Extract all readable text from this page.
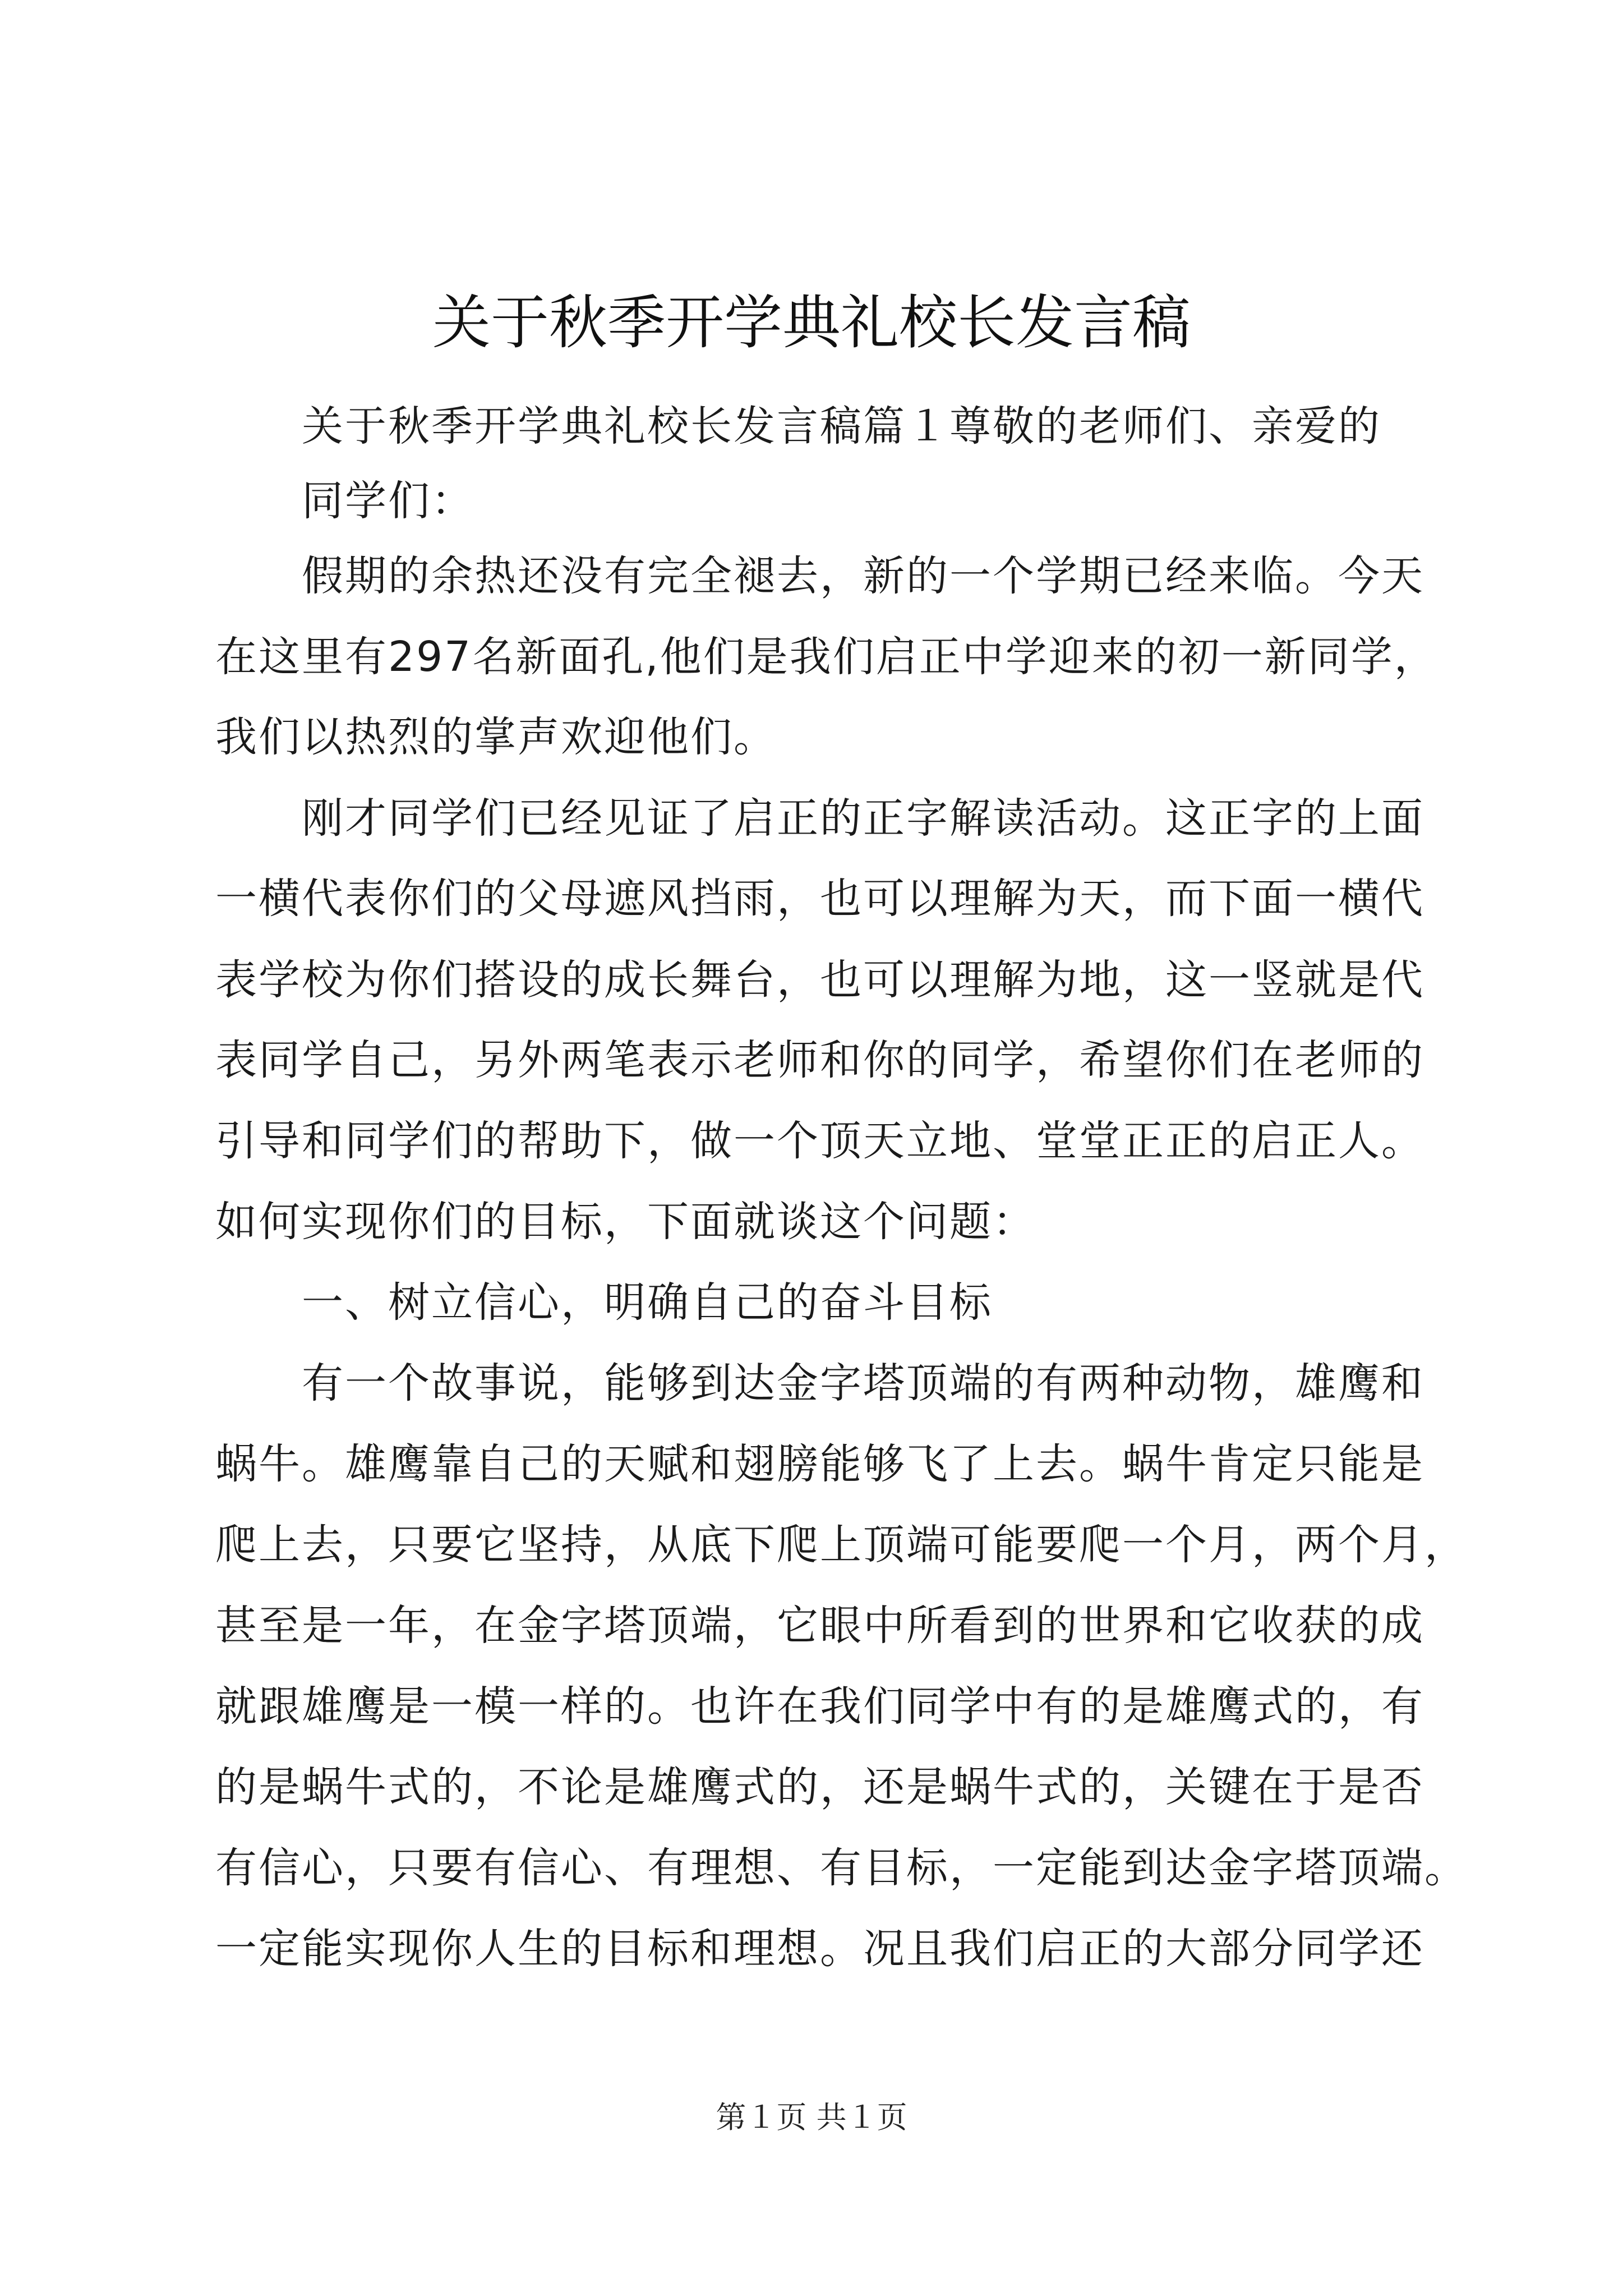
关于秋季开学典礼校长发言稿
关于秋季开学典礼校长发言稿篇１尊敬的老师们、亲爱的
同学们：
假期的余热还没有完全褪去，新的一个学期已经来临。今天
在这里有297名新面孔,他们是我们启正中学迎来的初一新同学，
我们以热烈的掌声欢迎他们。
刚才同学们已经见证了启正的正字解读活动。这正字的上面
一横代表你们的父母遮风挡雨，也可以理解为天，而下面一横代
表学校为你们搭设的成长舞台，也可以理解为地，这一竖就是代
表同学自己，另外两笔表示老师和你的同学，希望你们在老师的
引导和同学们的帮助下，做一个顶天立地、堂堂正正的启正人。
如何实现你们的目标，下面就谈这个问题：
一、树立信心，明确自己的奋斗目标
有一个故事说，能够到达金字塔顶端的有两种动物，雄鹰和
蜗牛。雄鹰靠自己的天赋和翅膀能够飞了上去。蜗牛肯定只能是
爬上去，只要它坚持，从底下爬上顶端可能要爬一个月，两个月，
甚至是一年，在金字塔顶端，它眼中所看到的世界和它收获的成
就跟雄鹰是一模一样的。也许在我们同学中有的是雄鹰式的，有
的是蜗牛式的，不论是雄鹰式的，还是蜗牛式的，关键在于是否
有信心，只要有信心、有理想、有目标，一定能到达金字塔顶端。
一定能实现你人生的目标和理想。况且我们启正的大部分同学还
第１页 共１页
